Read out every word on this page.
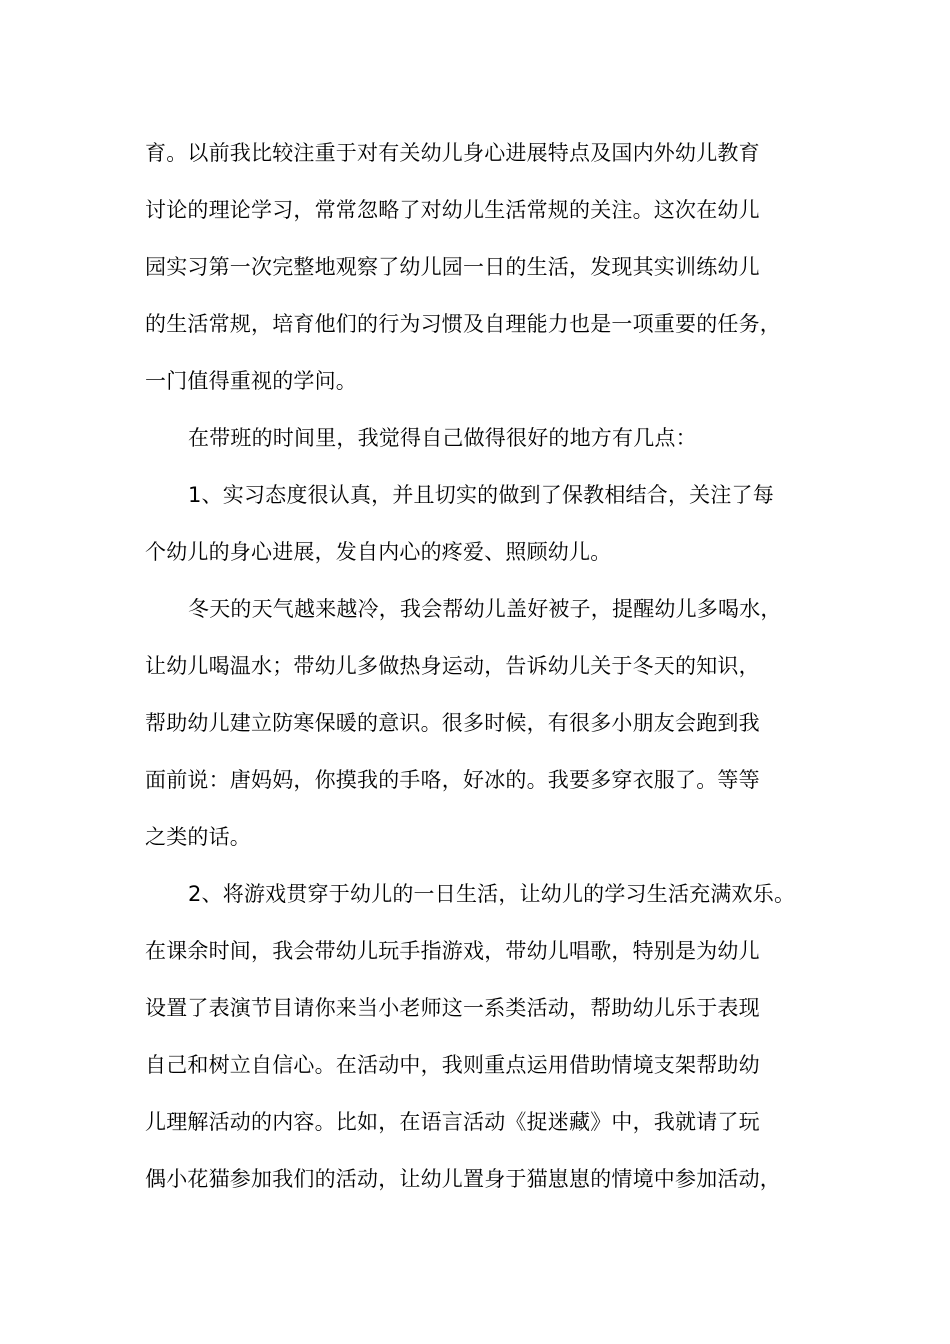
育。以前我比较注重于对有关幼儿身心进展特点及国内外幼儿教育
讨论的理论学习，常常忽略了对幼儿生活常规的关注。这次在幼儿
园实习第一次完整地观察了幼儿园一日的生活，发现其实训练幼儿
的生活常规，培育他们的行为习惯及自理能力也是一项重要的任务，
一门值得重视的学问。
在带班的时间里，我觉得自己做得很好的地方有几点：
1、实习态度很认真，并且切实的做到了保教相结合，关注了每
个幼儿的身心进展，发自内心的疼爱、照顾幼儿。
冬天的天气越来越冷，我会帮幼儿盖好被子，提醒幼儿多喝水，
让幼儿喝温水；带幼儿多做热身运动，告诉幼儿关于冬天的知识，
帮助幼儿建立防寒保暖的意识。很多时候，有很多小朋友会跑到我
面前说：唐妈妈，你摸我的手咯，好冰的。我要多穿衣服了。等等
之类的话。
2、将游戏贯穿于幼儿的一日生活，让幼儿的学习生活充满欢乐。
在课余时间，我会带幼儿玩手指游戏，带幼儿唱歌，特别是为幼儿
设置了表演节目请你来当小老师这一系类活动，帮助幼儿乐于表现
自己和树立自信心。在活动中，我则重点运用借助情境支架帮助幼
儿理解活动的内容。比如，在语言活动《捉迷藏》中，我就请了玩
偶小花猫参加我们的活动，让幼儿置身于猫崽崽的情境中参加活动，
